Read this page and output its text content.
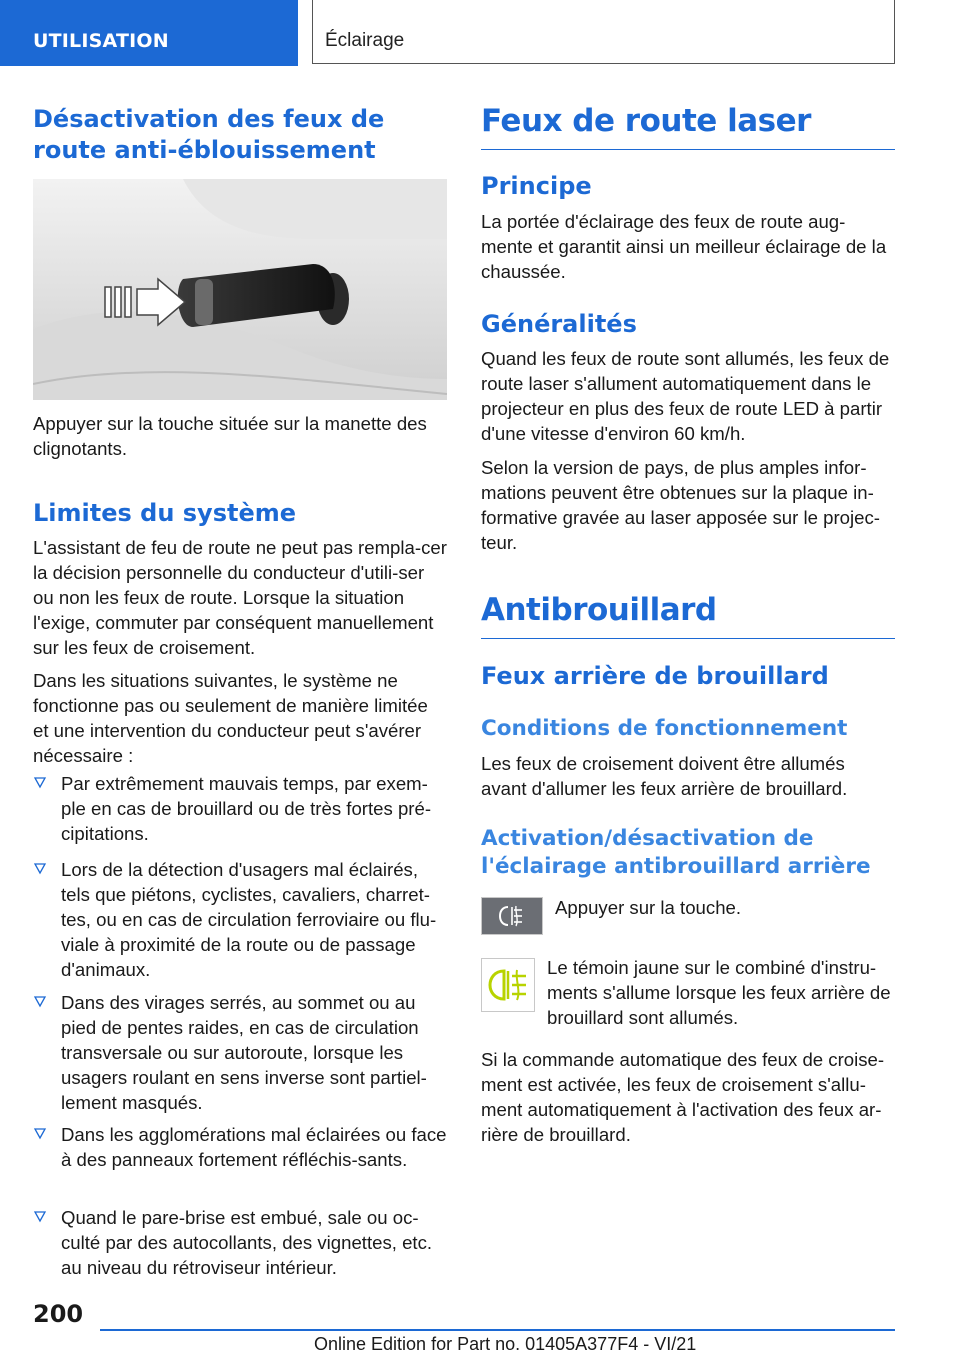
UTILISATION	Éclairage
Désactivation des feux de route anti-éblouissement

Appuyer sur la touche située sur la manette des clignotants.

Limites du système

L'assistant de feu de route ne peut pas rempla-cer la décision personnelle du conducteur d'utili-ser ou non les feux de route. Lorsque la situation l'exige, commuter par conséquent manuellement sur les feux de croisement.

Dans les situations suivantes, le système ne fonctionne pas ou seulement de manière limitée et une intervention du conducteur peut s'avérer nécessaire :

Par extrêmement mauvais temps, par exem-ple en cas de brouillard ou de très fortes pré-cipitations.
Lors de la détection d'usagers mal éclairés, tels que piétons, cyclistes, cavaliers, charret-tes, ou en cas de circulation ferroviaire ou flu-viale à proximité de la route ou de passage d'animaux.
Dans des virages serrés, au sommet ou au pied de pentes raides, en cas de circulation transversale ou sur autoroute, lorsque les usagers roulant en sens inverse sont partiel-lement masqués.
Dans les agglomérations mal éclairées ou face à des panneaux fortement réfléchis-sants.
Quand le pare-brise est embué, sale ou oc-culté par des autocollants, des vignettes, etc. au niveau du rétroviseur intérieur.
Feux de route laser
Principe

La portée d'éclairage des feux de route aug-mente et garantit ainsi un meilleur éclairage de la chaussée.

Généralités

Quand les feux de route sont allumés, les feux de route laser s'allument automatiquement dans le projecteur en plus des feux de route LED à partir d'une vitesse d'environ 60 km/h.

Selon la version de pays, de plus amples infor-mations peuvent être obtenues sur la plaque in-formative gravée au laser apposée sur le projec-teur.

Antibrouillard
Feux arrière de brouillard
Conditions de fonctionnement

Les feux de croisement doivent être allumés avant d'allumer les feux arrière de brouillard.

Activation/désactivation de l'éclairage antibrouillard arrière

Appuyer sur la touche.

Le témoin jaune sur le combiné d'instru-ments s'allume lorsque les feux arrière de brouillard sont allumés.

Si la commande automatique des feux de croise-ment est activée, les feux de croisement s'allu-ment automatiquement à l'activation des feux ar-rière de brouillard.

200
Online Edition for Part no. 01405A377F4 - VI/21
